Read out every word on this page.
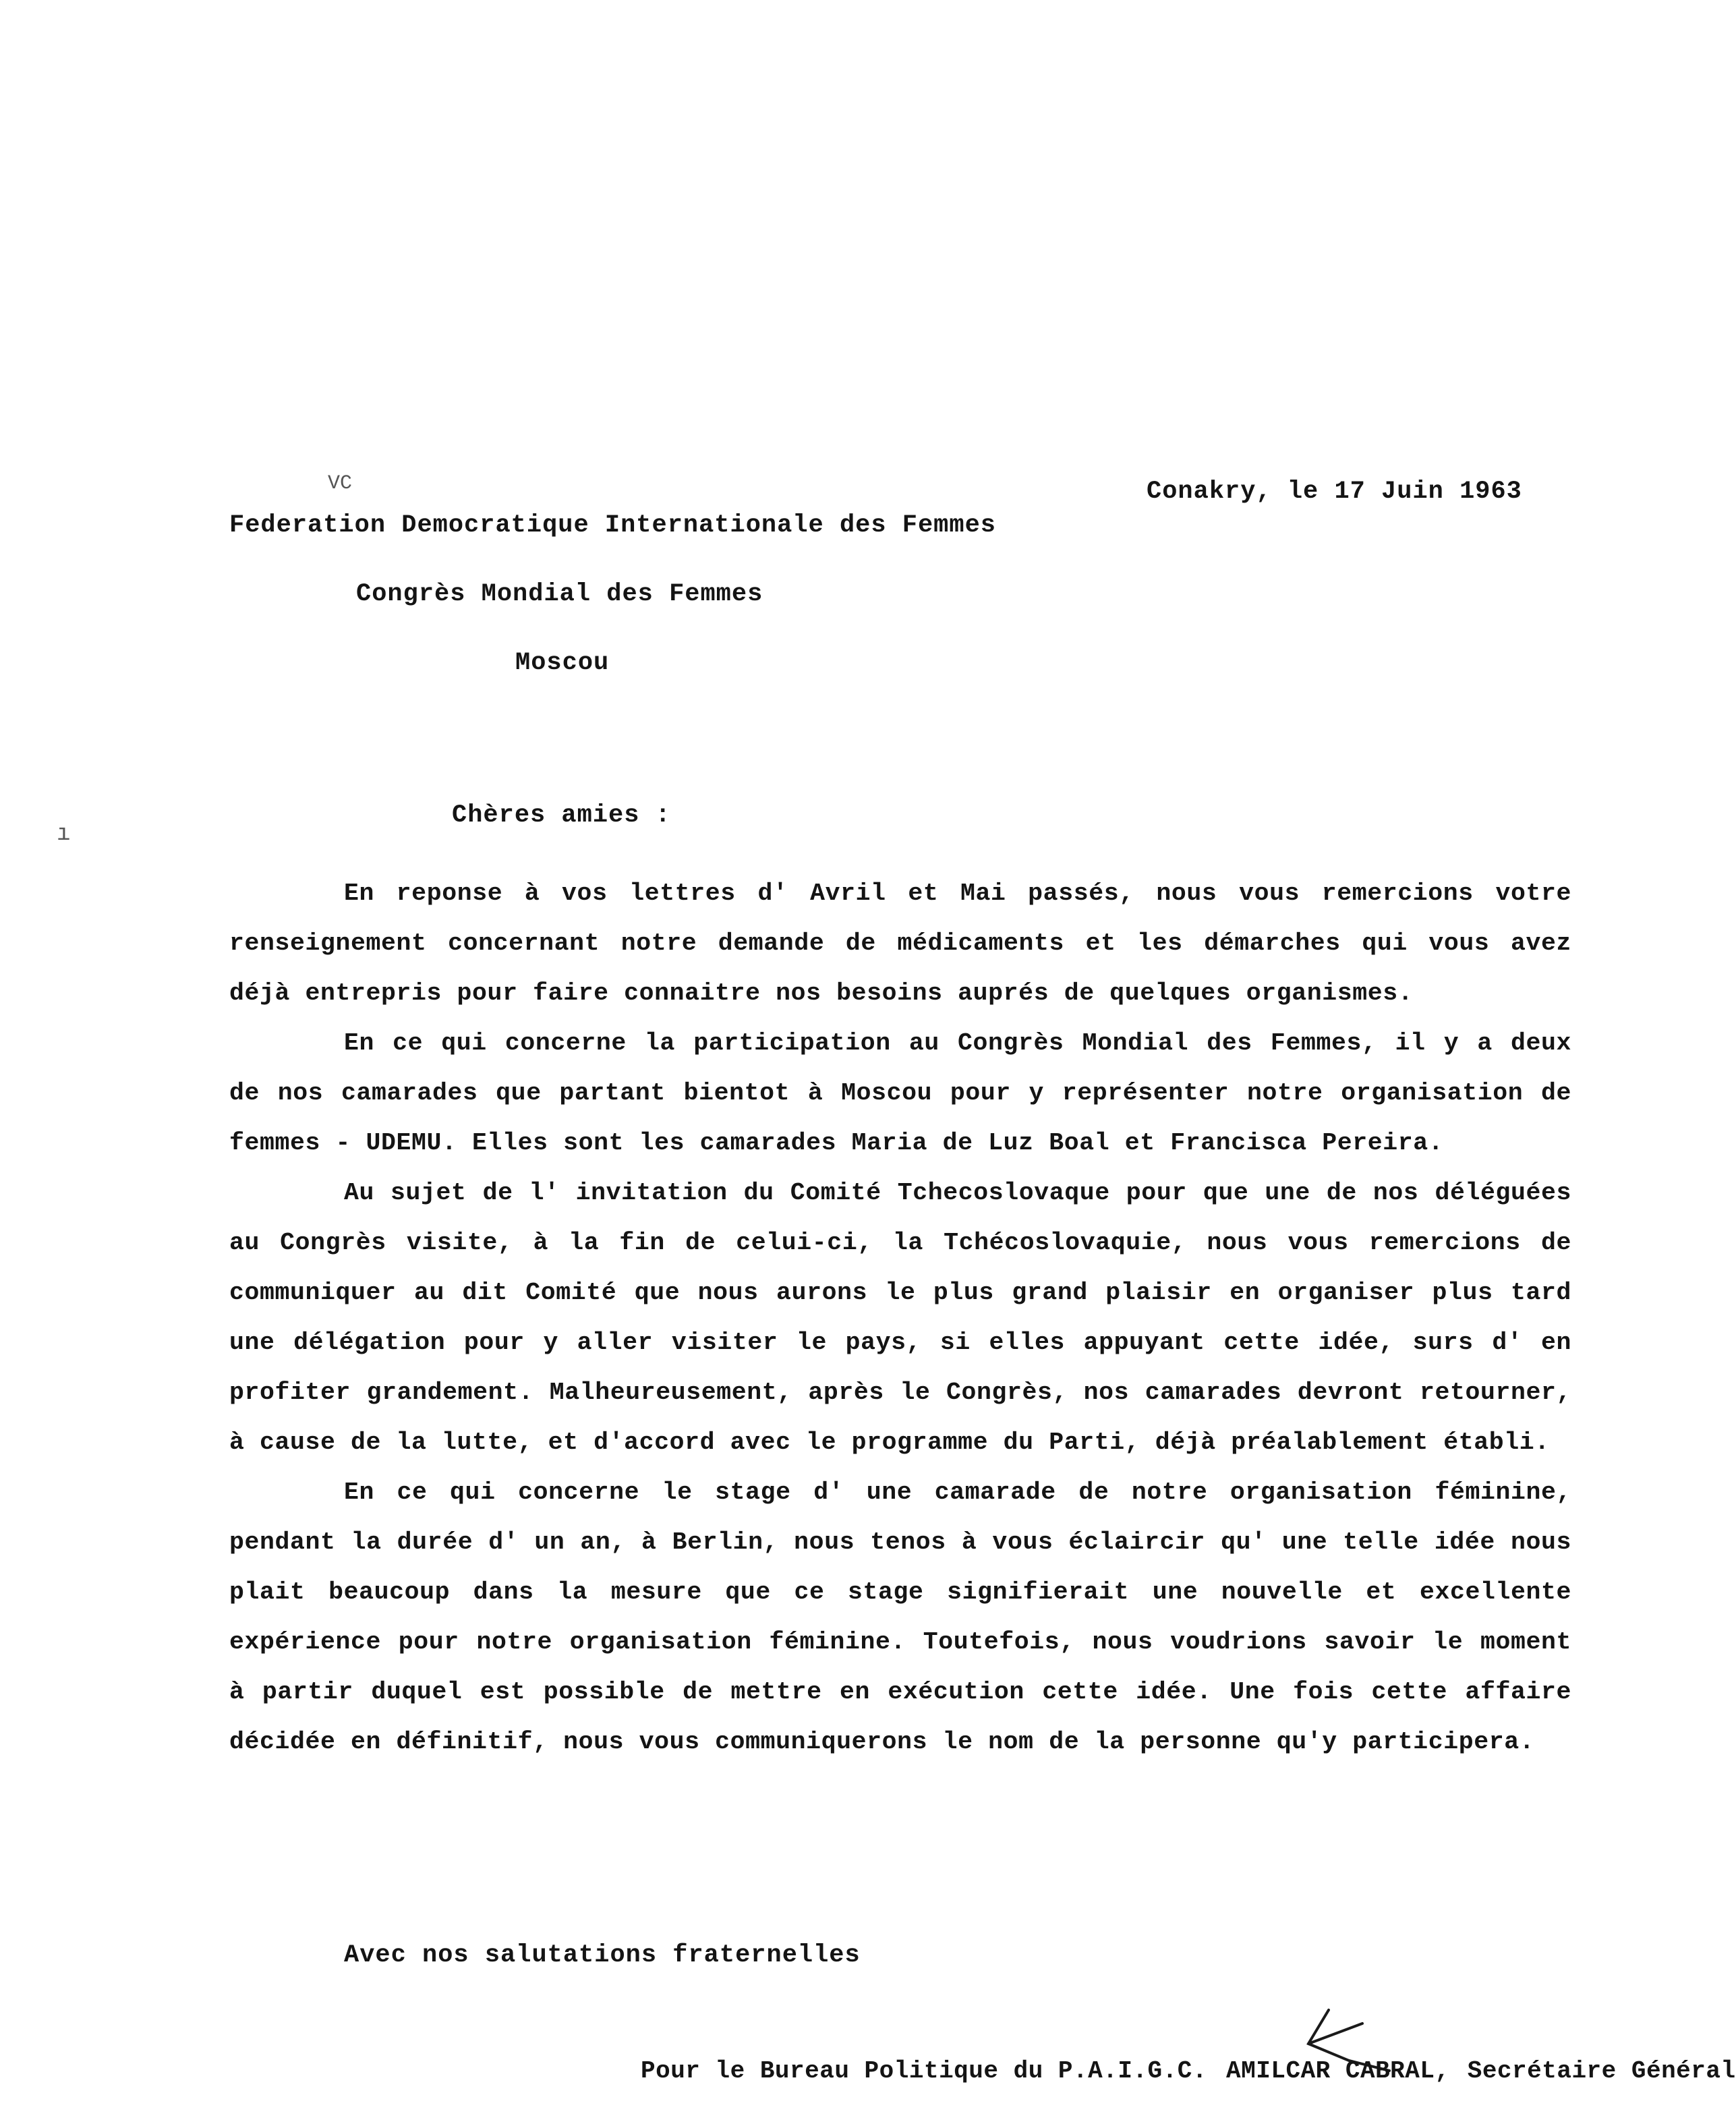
VC
ı
Conakry, le 17 Juin 1963
Federation Democratique Internationale des Femmes
Congrès Mondial des Femmes
Moscou
Chères amies :

En reponse à vos lettres d' Avril et Mai passés, nous vous remercions votre renseignement concernant notre demande de médicaments et les démarches qui vous avez déjà entrepris pour faire connaitre nos besoins auprés de quelques organismes.

En ce qui concerne la participation au Congrès Mondial des Femmes, il y a deux de nos camarades que partant bientot à Moscou pour y représenter notre organisation de femmes - UDEMU. Elles sont les camarades Maria de Luz Boal et Francisca Pereira.

Au sujet de l' invitation du Comité Tchecoslovaque pour que une de nos déléguées au Congrès visite, à la fin de celui-ci, la Tchécoslovaquie, nous vous remercions de communiquer au dit Comité que nous aurons le plus grand plaisir en organiser plus tard une délégation pour y aller visiter le pays, si elles appuyant cette idée, surs d' en profiter grandement. Malheureusement, après le Congrès, nos camarades devront retourner, à cause de la lutte, et d'accord avec le programme du Parti, déjà préalablement établi.

En ce qui concerne le stage d' une camarade de notre organisation féminine, pendant la durée d' un an, à Berlin, nous tenos à vous éclaircir qu' une telle idée nous plait beaucoup dans la mesure que ce stage signifierait une nouvelle et excellente expérience pour notre organisation féminine. Toutefois, nous voudrions savoir le moment à partir duquel est possible de mettre en exécution cette idée. Une fois cette affaire décidée en définitif, nous vous communiquerons le nom de la personne qu'y participera.

Avec nos salutations fraternelles
Pour le Bureau Politique du P.A.I.G.C. AMILCAR CABRAL, Secrétaire Général
